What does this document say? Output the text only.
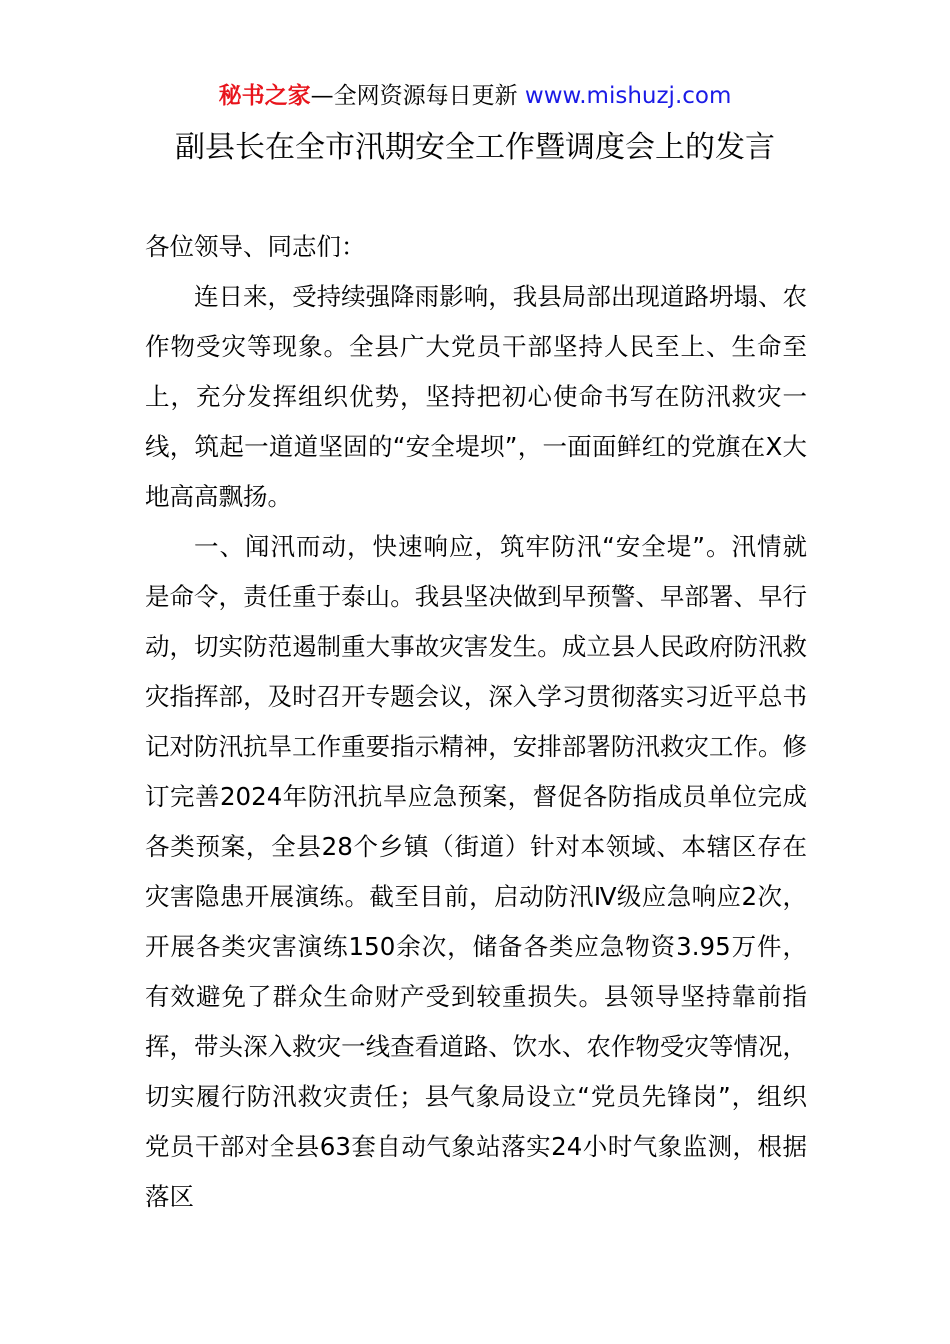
秘书之家—全网资源每日更新 www.mishuzj.com
副县长在全市汛期安全工作暨调度会上的发言

各位领导、同志们：

连日来，受持续强降雨影响，我县局部出现道路坍塌、农作物受灾等现象。全县广大党员干部坚持人民至上、生命至上，充分发挥组织优势，坚持把初心使命书写在防汛救灾一线，筑起一道道坚固的“安全堤坝”，一面面鲜红的党旗在X大地高高飘扬。

一、闻汛而动，快速响应，筑牢防汛“安全堤”。汛情就是命令，责任重于泰山。我县坚决做到早预警、早部署、早行动，切实防范遏制重大事故灾害发生。成立县人民政府防汛救灾指挥部，及时召开专题会议，深入学习贯彻落实习近平总书记对防汛抗旱工作重要指示精神，安排部署防汛救灾工作。修订完善2024年防汛抗旱应急预案，督促各防指成员单位完成各类预案，全县28个乡镇（街道）针对本领域、本辖区存在灾害隐患开展演练。截至目前，启动防汛Ⅳ级应急响应2次，开展各类灾害演练150余次，储备各类应急物资3.95万件，有效避免了群众生命财产受到较重损失。县领导坚持靠前指挥，带头深入救灾一线查看道路、饮水、农作物受灾等情况，切实履行防汛救灾责任；县气象局设立“党员先锋岗”，组织党员干部对全县63套自动气象站落实24小时气象监测，根据落区
